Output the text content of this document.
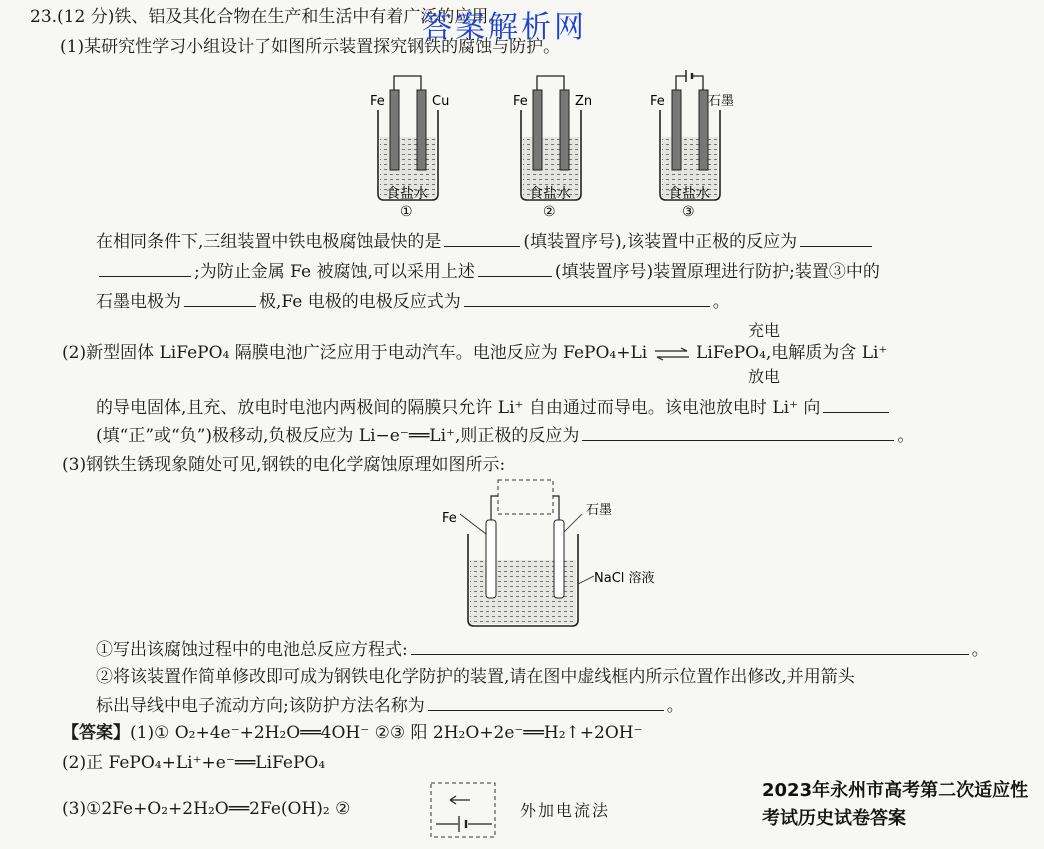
23.(12 分)铁、铝及其化合物在生产和生活中有着广泛的应用。
答案解析网
(1)某研究性学习小组设计了如图所示装置探究钢铁的腐蚀与防护。
Fe	Cu
食盐水
①
Fe	Zn
食盐水
②
Fe	石墨
食盐水
③
在相同条件下,三组装置中铁电极腐蚀最快的是	(填装置序号),该装置中正极的反应为
;为防止金属 Fe 被腐蚀,可以采用上述	(填装置序号)装置原理进行防护;装置③中的
石墨电极为	极,Fe 电极的电极反应式为	。
充电
(2)新型固体 LiFePO₄ 隔膜电池广泛应用于电动汽车。电池反应为 FePO₄+Li ⇌ LiFePO₄,电解质为含 Li⁺
放电
的导电固体,且充、放电时电池内两极间的隔膜只允许 Li⁺ 自由通过而导电。该电池放电时 Li⁺ 向
(填“正”或“负”)极移动,负极反应为 Li−e⁻══Li⁺,则正极的反应为	。
(3)钢铁生锈现象随处可见,钢铁的电化学腐蚀原理如图所示:
Fe
石墨
NaCl 溶液
①写出该腐蚀过程中的电池总反应方程式:	。
②将该装置作简单修改即可成为钢铁电化学防护的装置,请在图中虚线框内所示位置作出修改,并用箭头
标出导线中电子流动方向;该防护方法名称为	。
【答案】(1)① O₂+4e⁻+2H₂O══4OH⁻ ②③ 阳 2H₂O+2e⁻══H₂↑+2OH⁻
(2)正 FePO₄+Li⁺+e⁻══LiFePO₄
(3)①2Fe+O₂+2H₂O══2Fe(OH)₂ ②	外加电流法
2023年永州市高考第二次适应性考试历史试卷答案
